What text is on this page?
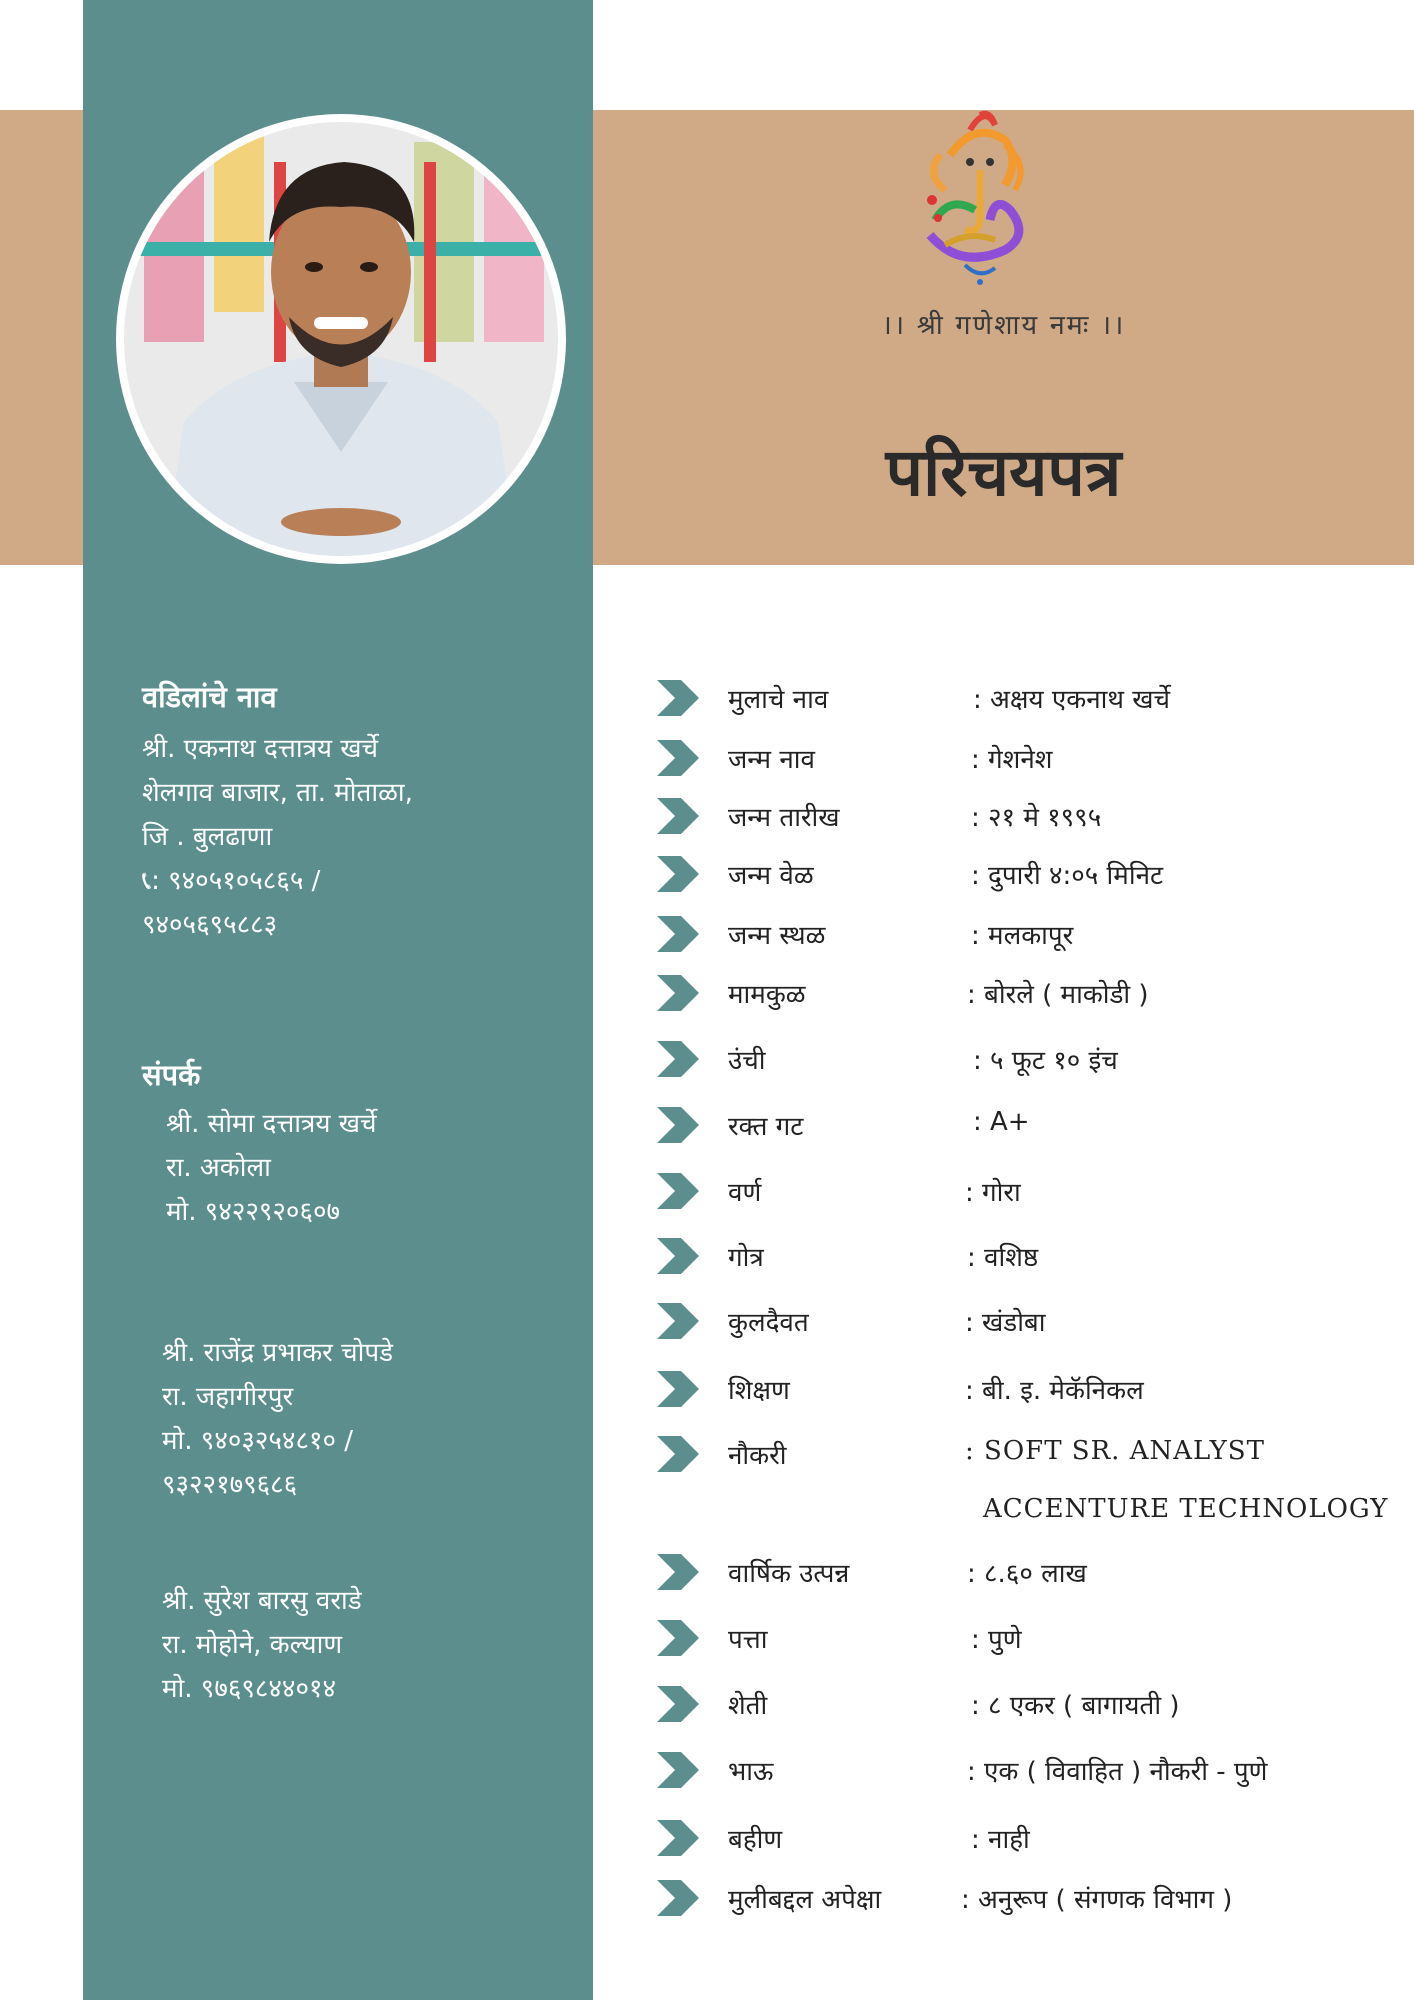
।। श्री गणेशाय नमः ।।
परिचयपत्र
वडिलांचे नाव
श्री. एकनाथ दत्तात्रय खर्चे
शेलगाव बाजार, ता. मोताळा,
जि . बुलढाणा
📞︎: ९४०५१०५८६५ /
९४०५६९५८८३
संपर्क
श्री. सोमा दत्तात्रय खर्चे
रा. अकोला
मो. ९४२२९२०६०७
श्री. राजेंद्र प्रभाकर चोपडे
रा. जहागीरपुर
मो. ९४०३२५४८१० /
९३२२१७९६८६
श्री. सुरेश बारसु वराडे
रा. मोहोने, कल्याण
मो. ९७६९८४४०१४
मुलाचे नाव	: अक्षय एकनाथ खर्चे
जन्म नाव	: गेशनेश
जन्म तारीख	: २१ मे १९९५
जन्म वेळ	: दुपारी ४:०५ मिनिट
जन्म स्थळ	: मलकापूर
मामकुळ	: बोरले ( माकोडी )
उंची	: ५ फूट १० इंच
रक्त गट	: A+
वर्ण	: गोरा
गोत्र	: वशिष्ठ
कुलदैवत	: खंडोबा
शिक्षण	: बी. इ. मेकॅनिकल
नौकरी	: SOFT SR. ANALYST
ACCENTURE TECHNOLOGY
वार्षिक उत्पन्न	: ८.६० लाख
पत्ता	: पुणे
शेती	: ८ एकर ( बागायती )
भाऊ	: एक ( विवाहित ) नौकरी - पुणे
बहीण	: नाही
मुलीबद्दल अपेक्षा	: अनुरूप ( संगणक विभाग )
